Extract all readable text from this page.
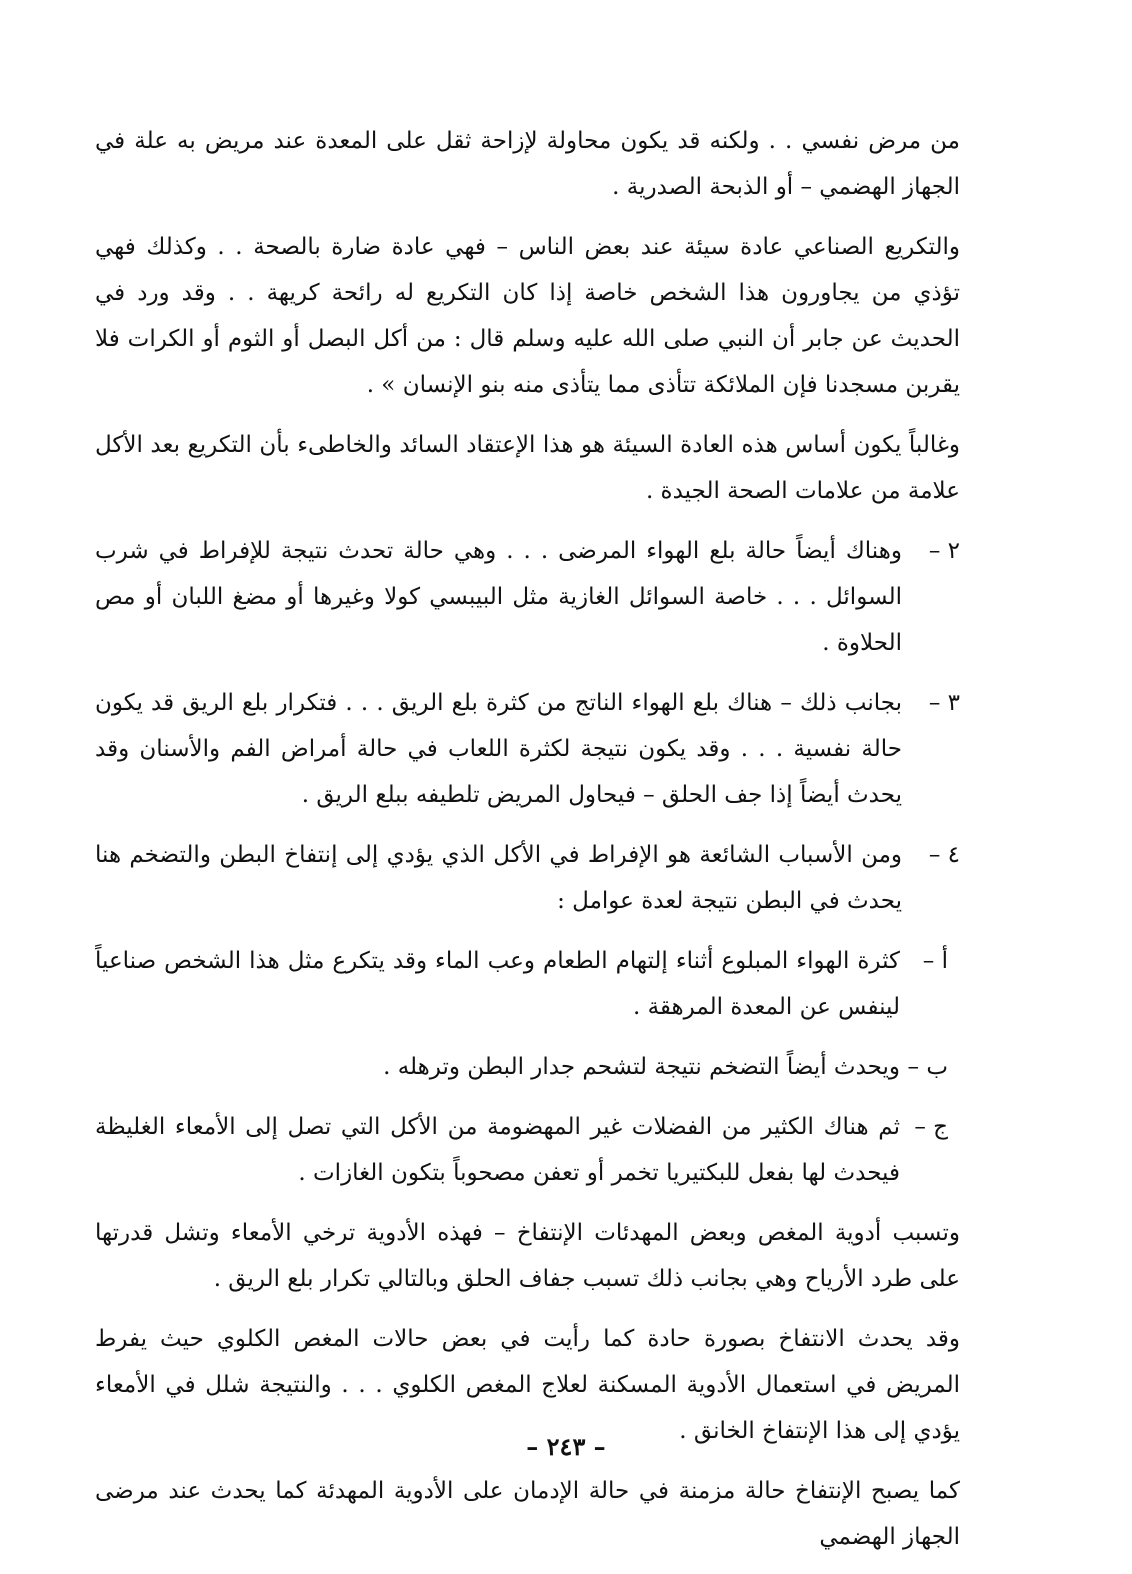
من مرض نفسي . . ولكنه قد يكون محاولة لإزاحة ثقل على المعدة عند مريض به علة في الجهاز الهضمي – أو الذبحة الصدرية .

والتكريع الصناعي عادة سيئة عند بعض الناس – فهي عادة ضارة بالصحة . . وكذلك فهي تؤذي من يجاورون هذا الشخص خاصة إذا كان التكريع له رائحة كريهة . . وقد ورد في الحديث عن جابر أن النبي صلى الله عليه وسلم قال : من أكل البصل أو الثوم أو الكرات فلا يقربن مسجدنا فإن الملائكة تتأذى مما يتأذى منه بنو الإنسان » .

وغالباً يكون أساس هذه العادة السيئة هو هذا الإعتقاد السائد والخاطىء بأن التكريع بعد الأكل علامة من علامات الصحة الجيدة .

٢ –
وهناك أيضاً حالة بلع الهواء المرضى . . . وهي حالة تحدث نتيجة للإفراط في شرب السوائل . . . خاصة السوائل الغازية مثل البيبسي كولا وغيرها أو مضغ اللبان أو مص الحلاوة .
٣ –
بجانب ذلك – هناك بلع الهواء الناتج من كثرة بلع الريق . . . فتكرار بلع الريق قد يكون حالة نفسية . . . وقد يكون نتيجة لكثرة اللعاب في حالة أمراض الفم والأسنان وقد يحدث أيضاً إذا جف الحلق – فيحاول المريض تلطيفه ببلع الريق .
٤ –
ومن الأسباب الشائعة هو الإفراط في الأكل الذي يؤدي إلى إنتفاخ البطن والتضخم هنا يحدث في البطن نتيجة لعدة عوامل :
أ –
كثرة الهواء المبلوع أثناء إلتهام الطعام وعب الماء وقد يتكرع مثل هذا الشخص صناعياً لينفس عن المعدة المرهقة .
ب –
ويحدث أيضاً التضخم نتيجة لتشحم جدار البطن وترهله .
ج –
ثم هناك الكثير من الفضلات غير المهضومة من الأكل التي تصل إلى الأمعاء الغليظة فيحدث لها بفعل للبكتيريا تخمر أو تعفن مصحوباً بتكون الغازات .

وتسبب أدوية المغص وبعض المهدئات الإنتفاخ – فهذه الأدوية ترخي الأمعاء وتشل قدرتها على طرد الأرياح وهي بجانب ذلك تسبب جفاف الحلق وبالتالي تكرار بلع الريق .

وقد يحدث الانتفاخ بصورة حادة كما رأيت في بعض حالات المغص الكلوي حيث يفرط المريض في استعمال الأدوية المسكنة لعلاج المغص الكلوي . . . والنتيجة شلل في الأمعاء يؤدي إلى هذا الإنتفاخ الخانق .

كما يصبح الإنتفاخ حالة مزمنة في حالة الإدمان على الأدوية المهدئة كما يحدث عند مرضى الجهاز الهضمي

– ٢٤٣ –
